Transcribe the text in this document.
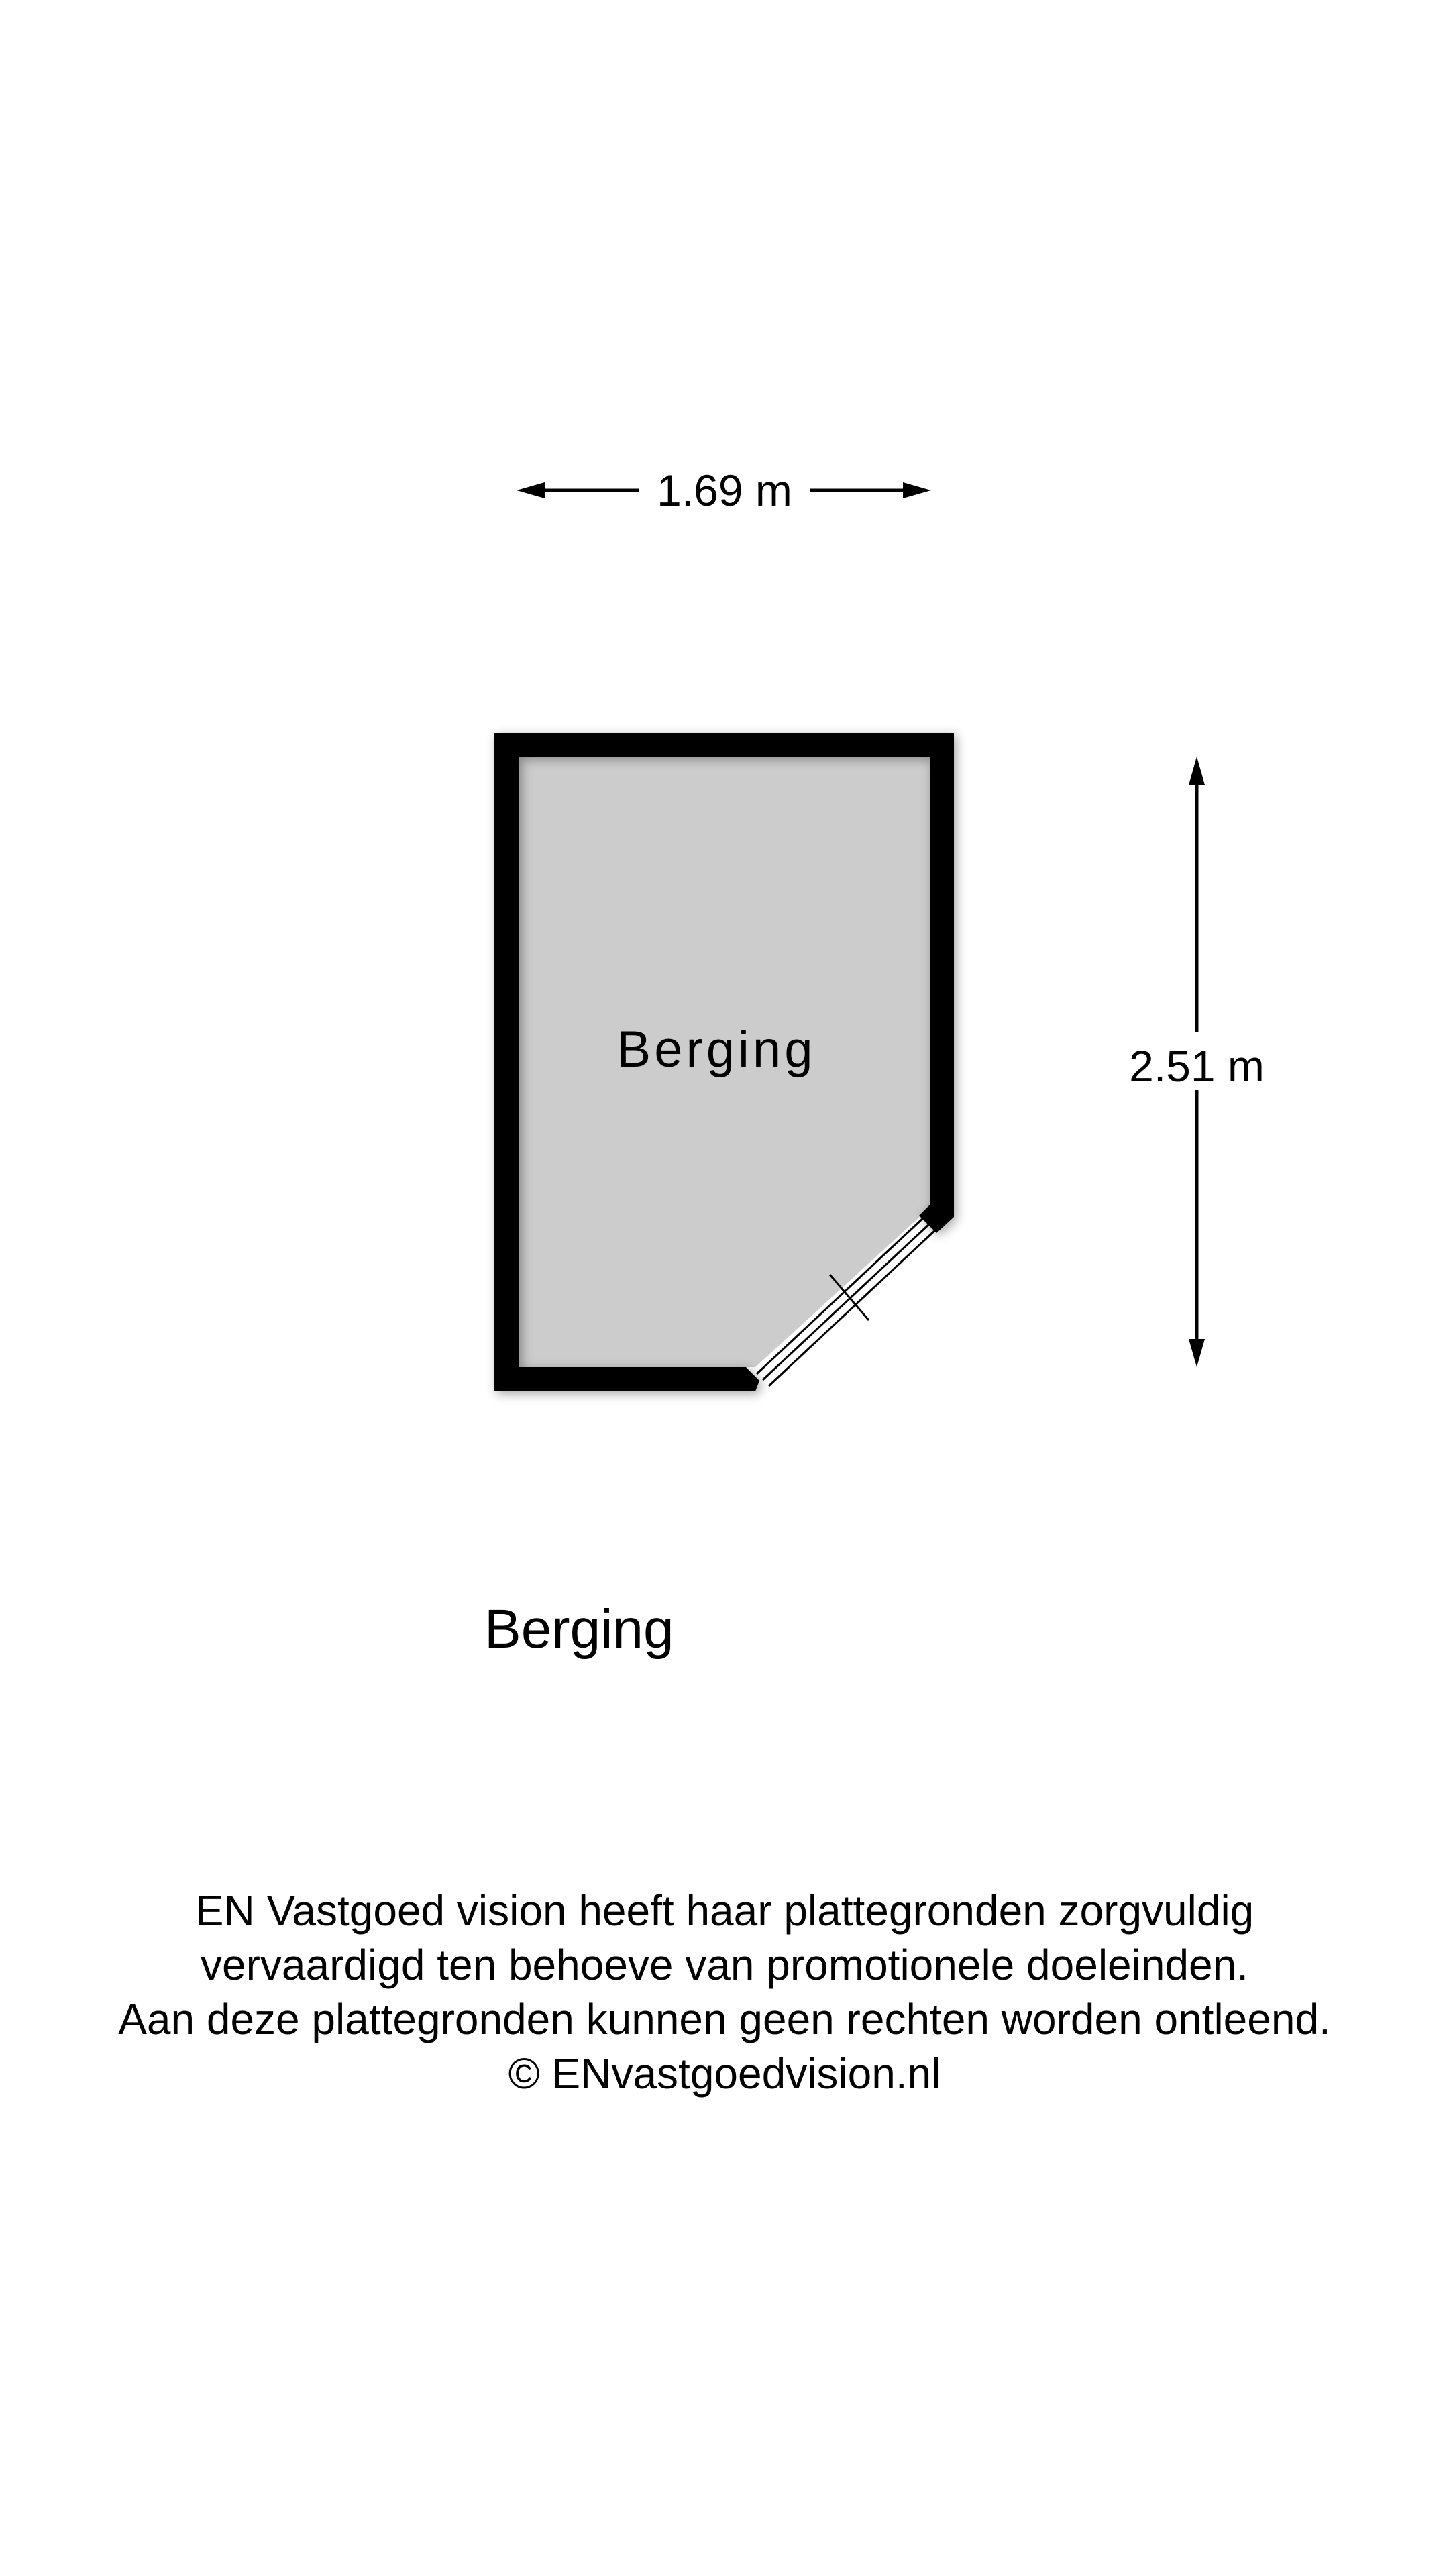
1.69 m
2.51 m
Berging
Berging
EN Vastgoed vision heeft haar plattegronden zorgvuldig
vervaardigd ten behoeve van promotionele doeleinden.
Aan deze plattegronden kunnen geen rechten worden ontleend.
© ENvastgoedvision.nl
